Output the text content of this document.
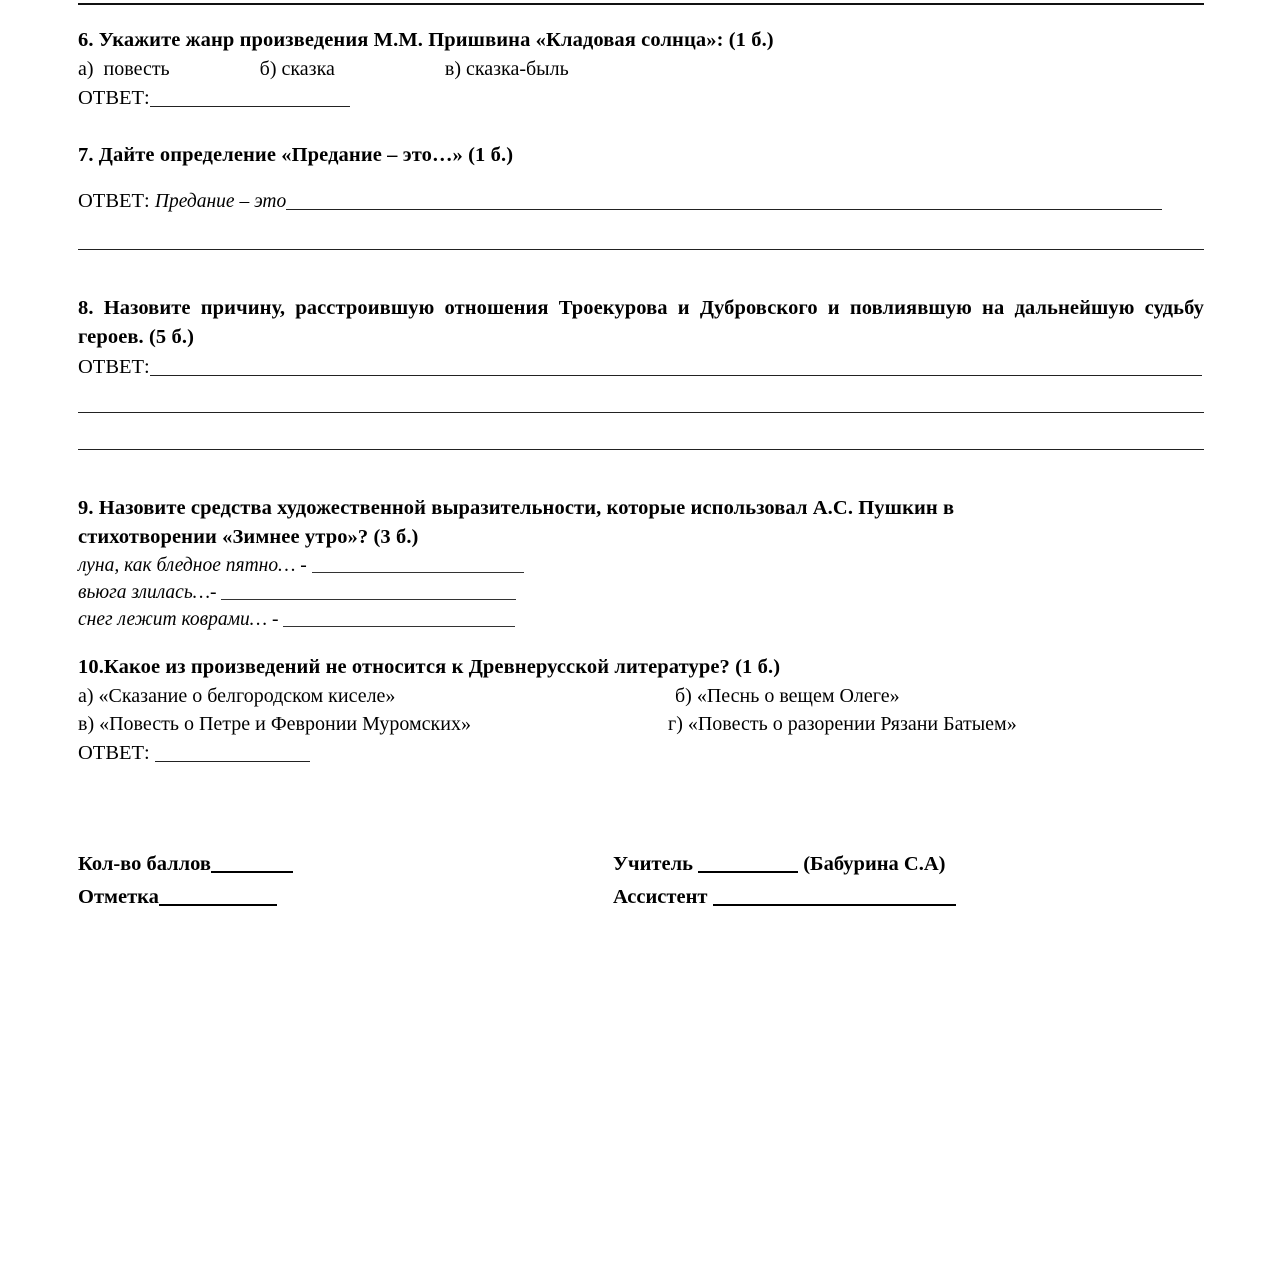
6. Укажите жанр произведения М.М. Пришвина «Кладовая солнца»: (1 б.)

а)  повесть                  б) сказка                      в) сказка-быль

ОТВЕТ:

7. Дайте определение «Предание – это…» (1 б.)

ОТВЕТ: Предание – это

8. Назовите причину, расстроившую отношения Троекурова и Дубровского и повлиявшую на дальнейшую судьбу героев. (5 б.)

ОТВЕТ:

9. Назовите средства художественной выразительности, которые использовал А.С. Пушкин в стихотворении «Зимнее утро»? (3 б.)

луна, как бледное пятно… -

вьюга злилась…-

снег лежит коврами… -

10.Какое из произведений не относится к Древнерусской литературе? (1 б.)

а) «Сказание о белгородском киселе»	б) «Песнь о вещем Олеге»
в) «Повесть о Петре и Февронии Муромских»	г) «Повесть о разорении Рязани Батыем»

ОТВЕТ:

Кол-во баллов	Учитель	(Бабурина С.А)
Отметка	Ассистент
